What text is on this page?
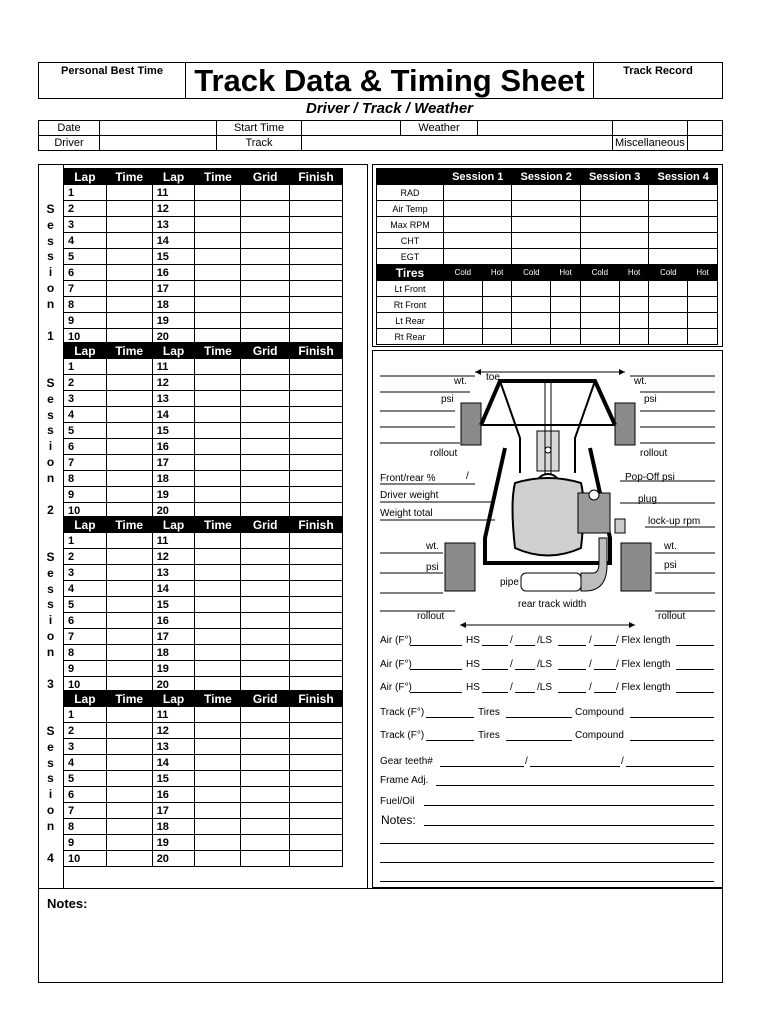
Personal Best Time	Track Data & Timing Sheet	Track Record
Driver / Track / Weather
Date		Start Time		Weather			
Driver		Track				Miscellaneous	
Lap	Time	Lap	Time	Grid	Finish
1		11			
2		12			
3		13			
4		14			
5		15			
6		16			
7		17			
8		18			
9		19			
10		20			
S
e
s
s
i
o
n
1
Lap	Time	Lap	Time	Grid	Finish
1		11			
2		12			
3		13			
4		14			
5		15			
6		16			
7		17			
8		18			
9		19			
10		20			
S
e
s
s
i
o
n
2
Lap	Time	Lap	Time	Grid	Finish
1		11			
2		12			
3		13			
4		14			
5		15			
6		16			
7		17			
8		18			
9		19			
10		20			
S
e
s
s
i
o
n
3
Lap	Time	Lap	Time	Grid	Finish
1		11			
2		12			
3		13			
4		14			
5		15			
6		16			
7		17			
8		18			
9		19			
10		20			
S
e
s
s
i
o
n
4
	Session 1		Session 2		Session 3		Session 4	
RAD								
Air Temp								
Max RPM								
CHT								
EGT								
Tires	Cold	Hot	Cold	Hot	Cold	Hot	Cold	Hot
Lt Front								
Rt Front								
Lt Rear								
Rt Rear								
wt. toe	wt.
psi	psi
rollout	rollout
Front/rear %	/
Driver weight
Weight total
Pop-Off psi
plug
lock-up rpm
wt.	wt.
psi	psi
pipe
rear track width
rollout	rollout
Air (F°)	HS	/ /LS	/ / Flex length
Air (F°)	HS	/ /LS	/ / Flex length
Air (F°)	HS	/ /LS	/ / Flex length
Track (F°)	Tires	Compound
Track (F°)	Tires	Compound
Gear teeth#	/	/
Frame Adj.
Fuel/Oil
Notes:
Notes:
